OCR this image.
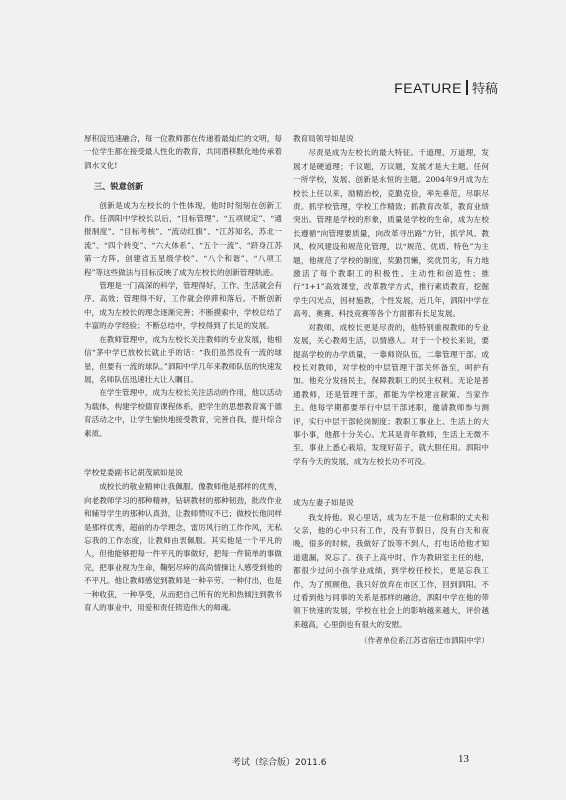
FEATURE 特稿

厚积淀迅速融合，每一位教师都在传递着最灿烂的文明，每一位学生都在接受最人性化的教育，共同潜移默化地传承着泗水文化!

三、锐意创新

创新是成为左校长的个性体现，他时时刻刻在创新工作。任泗阳中学校长以后，“目标管理”、“五项规定”、“通报制度”、“目标考核”、“流动红旗”、“江苏知名，苏北一流”、“四个转变”、“六大体系”、“五个一流”、“跻身江苏第一方阵，创建省五星级学校”、“八个和谐”、“八项工程”等这些做法与目标反映了成为左校长的创新管理轨迹。

管理是一门高深的科学，管理得好，工作、生活就会有序、高效；管理得不好，工作就会停滞和落后。不断创新中，成为左校长的理念逐渐完善；不断摸索中，学校总结了丰富的办学经验；不断总结中，学校得到了长足的发展。

在教师管理中，成为左校长关注教师的专业发展，他相信“茅中学已放校长就止乎的话：“我们虽然没有一流的球星，但要有一流的球队。”泗阳中学几年来教师队伍的快速发展，名师队伍迅速壮大让人瞩目。

在学生管理中，成为左校长关注活动的作用，他以活动为载体，构建学校德育课程体系，把学生的思想教育寓于德育活动之中，让学生愉快地接受教育，完善自我，提升综合素质。

学校党委副书记胡茂斌如是说

成校长的敬业精神让我佩服。像教师他是那样的优秀，向老教师学习的那种精神，钻研教材的那种韧劲，批改作业和辅导学生的那种认真劲，让教师赞叹不已；做校长他同样是那样优秀，超前的办学理念，雷厉风行的工作作风，无私忘我的工作态度，让教师由衷佩服。其实他是一个平凡的人，但他能够把每一件平凡的事做好，把每一件简单的事做完，把事业视为生命，鞠躬尽瘁的高尚情操让人感受到他的不平凡。他让教师感觉到教师是一种辛劳、一种付出，也是一种收获，一种享受，从而把自己所有的光和热倾注到教书育人的事业中，用爱和责任铸造伟大的师魂。

教育局领导如是说

尽责是成为左校长的最大特征。千道理、万道理，发展才是硬道理；千议题，万议题，发展才是大主题。任何一所学校，发展、创新是永恒的主题。2004年9月成为左校长上任以来，励精治校，克勤克俭，率先垂范，尽职尽责。抓学校管理，学校工作精致；抓教育改革，教育业绩突出。管理是学校的形象，质量是学校的生命，成为左校长遵循“向管理要质量，向改革寻出路”方针，抓学风、教风、校风建设和规范化管理，以“规范、优质、特色”为主题，他规范了学校的制度，奖勤罚懒，奖优罚劣，有力地激活了每个教职工的积极性、主动性和创造性；推行“1+1”高效课堂，改革教学方式，推行素质教育，挖掘学生闪光点，因材施教，个性发展，近几年，泗阳中学在高考、奥赛、科技竞赛等各个方面都有长足发展。

对教师，成校长更是尽责的，他特别重视教师的专业发展，关心教师生活，以情感人。对于一个校长来说，要提高学校的办学质量，一靠师资队伍，二靠管理干部。成校长对教师，对学校的中层管理干部关怀备至，呵护有加。他充分发扬民主，保障教职工的民主权利。无论是普通教师，还是管理干部，都能为学校建言献策、当家作主。他每学期都要举行中层干部述职，邀请教师参与测评，实行中层干部轮岗制度；教职工事业上、生活上的大事小事，他都十分关心。尤其是青年教师，生活上无微不至，事业上悉心栽培，发现好苗子，就大胆任用。泗阳中学有今天的发展，成为左校长功不可没。

成为左妻子如是说

我支持他。说心里话，成为左不是一位称职的丈夫和父亲，他的心中只有工作，没有节假日，没有白天和夜晚，很多的时候，我做好了饭等不到人，打电话给他才知道遗漏，说忘了。孩子上高中时，作为教研室主任的他，都很少过问小孩学业成绩，到学校任校长，更是忘我工作，为了照顾他，我只好放弃在市区工作，回到泗阳。不过看到他与同事的关系是那样的融洽，泗阳中学在他的带领下快速的发展，学校在社会上的影响越来越大，评价越来越高，心里倒也有很大的安慰。

（作者单位系江苏省宿迁市泗阳中学）
考试（综合版）2011.6	13
